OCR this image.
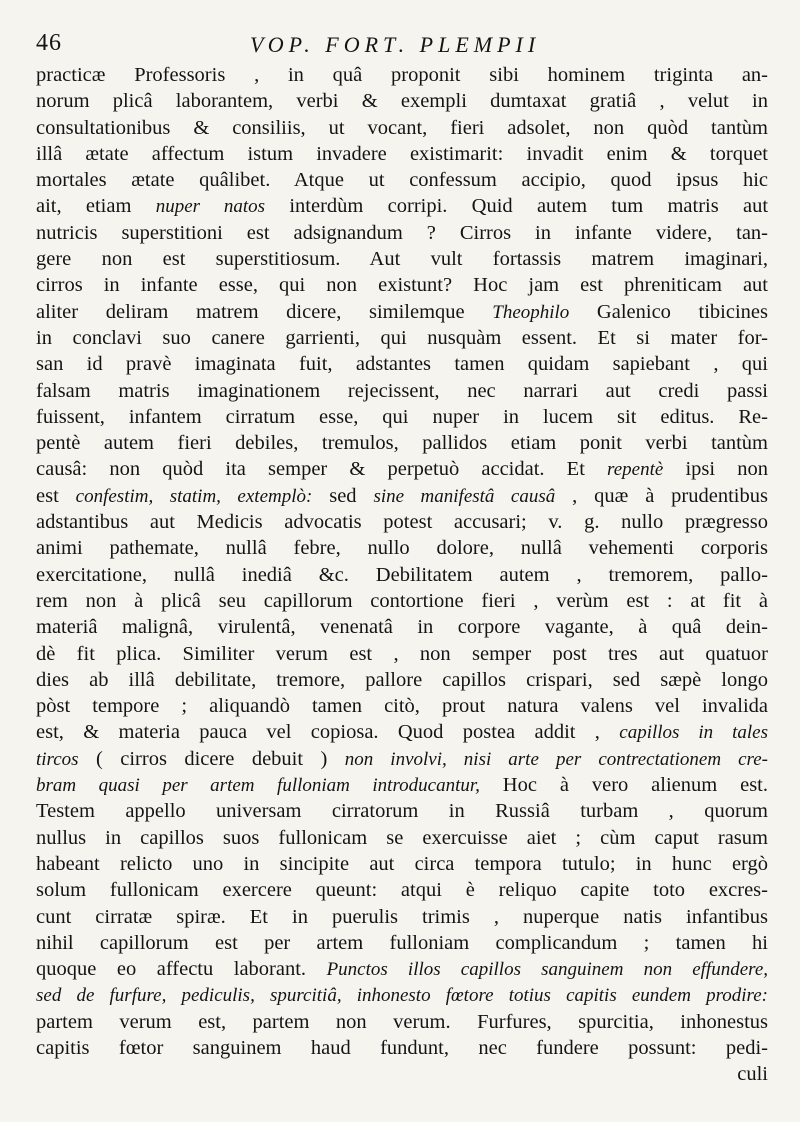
46	VOP. FORT. PLEMPII
practicæ Professoris , in quâ proponit sibi hominem triginta an-
norum plicâ laborantem, verbi & exempli dumtaxat gratiâ , velut in
consultationibus & consiliis, ut vocant, fieri adsolet, non quòd tantùm
illâ ætate affectum istum invadere existimarit: invadit enim & torquet
mortales ætate quâlibet. Atque ut confessum accipio, quod ipsus hic
ait, etiam nuper natos interdùm corripi. Quid autem tum matris aut
nutricis superstitioni est adsignandum ? Cirros in infante videre, tan-
gere non est superstitiosum. Aut vult fortassis matrem imaginari,
cirros in infante esse, qui non existunt? Hoc jam est phreniticam aut
aliter deliram matrem dicere, similemque Theophilo Galenico tibicines
in conclavi suo canere garrienti, qui nusquàm essent. Et si mater for-
san id pravè imaginata fuit, adstantes tamen quidam sapiebant , qui
falsam matris imaginationem rejecissent, nec narrari aut credi passi
fuissent, infantem cirratum esse, qui nuper in lucem sit editus. Re-
pentè autem fieri debiles, tremulos, pallidos etiam ponit verbi tantùm
causâ: non quòd ita semper & perpetuò accidat. Et repentè ipsi non
est confestim, statim, extemplò: sed sine manifestâ causâ , quæ à prudentibus
adstantibus aut Medicis advocatis potest accusari; v. g. nullo prægresso
animi pathemate, nullâ febre, nullo dolore, nullâ vehementi corporis
exercitatione, nullâ inediâ &c. Debilitatem autem , tremorem, pallo-
rem non à plicâ seu capillorum contortione fieri , verùm est : at fit à
materiâ malignâ, virulentâ, venenatâ in corpore vagante, à quâ dein-
dè fit plica. Similiter verum est , non semper post tres aut quatuor
dies ab illâ debilitate, tremore, pallore capillos crispari, sed sæpè longo
pòst tempore ; aliquandò tamen citò, prout natura valens vel invalida
est, & materia pauca vel copiosa. Quod postea addit , capillos in tales
tircos ( cirros dicere debuit ) non involvi, nisi arte per contrectationem cre-
bram quasi per artem fulloniam introducantur, Hoc à vero alienum est.
Testem appello universam cirratorum in Russiâ turbam , quorum
nullus in capillos suos fullonicam se exercuisse aiet ; cùm caput rasum
habeant relicto uno in sincipite aut circa tempora tutulo; in hunc ergò
solum fullonicam exercere queunt: atqui è reliquo capite toto excres-
cunt cirratæ spiræ. Et in puerulis trimis , nuperque natis infantibus
nihil capillorum est per artem fulloniam complicandum ; tamen hi
quoque eo affectu laborant. Punctos illos capillos sanguinem non effundere,
sed de furfure, pediculis, spurcitiâ, inhonesto fœtore totius capitis eundem prodire:
partem verum est, partem non verum. Furfures, spurcitia, inhonestus
capitis fœtor sanguinem haud fundunt, nec fundere possunt: pedi-
culi
